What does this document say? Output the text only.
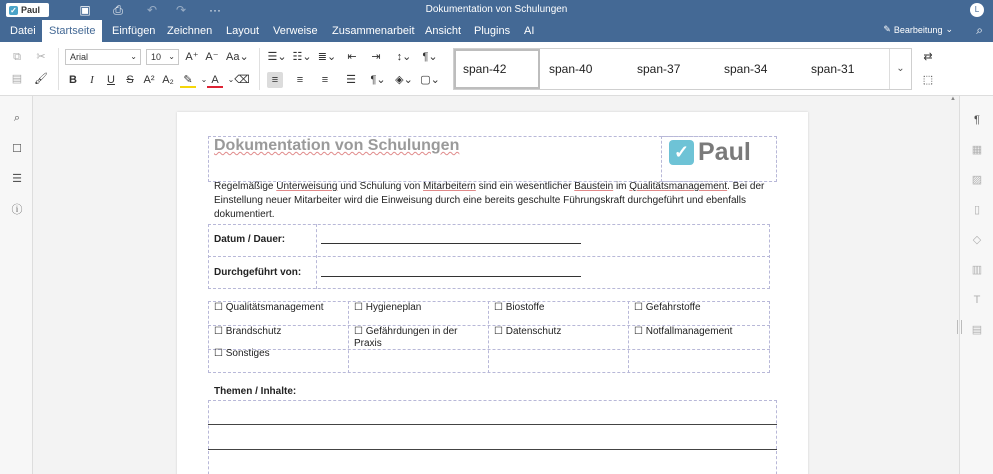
✓ Paul	▣ ⎙ ↶ ↷ ···	Dokumentation von Schulungen	L
Datei	Startseite	Einfügen	Zeichnen	Layout	Verweise	Zusammenarbeit Ansicht	Plugins	AI	✎ Bearbeitung ⌄ ⌕
⧉	✂
▤ 🖌
Arial	⌄	10 ⌄ A⁺ A⁻ Aa⌄
B	I	U	S A² A₂ ✎	⌄ A	⌄ ⌫
☰⌄ ☷⌄ ≣⌄	⇤	⇥	↕⌄ ¶⌄
≡	≡	≡	☰ ¶⌄ ◈⌄ ▢⌄
span-42	span-40	span-37	span-34	span-31	⌄
⇄
⬚
⌕
☐
☰
ⓘ
¶
▦
▨
▯
◇
▥
T
▤
▲
Dokumentation von Schulungen	✓ Paul
Regelmäßige Unterweisung und Schulung von Mitarbeitern sind ein wesentlicher Baustein im Qualitätsmanagement. Bei der Einstellung neuer Mitarbeiter wird die Einweisung durch eine bereits geschulte Führungskraft durchgeführt und ebenfalls dokumentiert.
Datum / Dauer:
Durchgeführt von:
☐ Qualitätsmanagement	☐ Hygieneplan	☐ Biostoffe	☐ Gefahrstoffe
☐ Brandschutz	☐ Gefährdungen in der Praxis
☐ Datenschutz	☐ Notfallmanagement
☐ Sonstiges
Themen / Inhalte:
